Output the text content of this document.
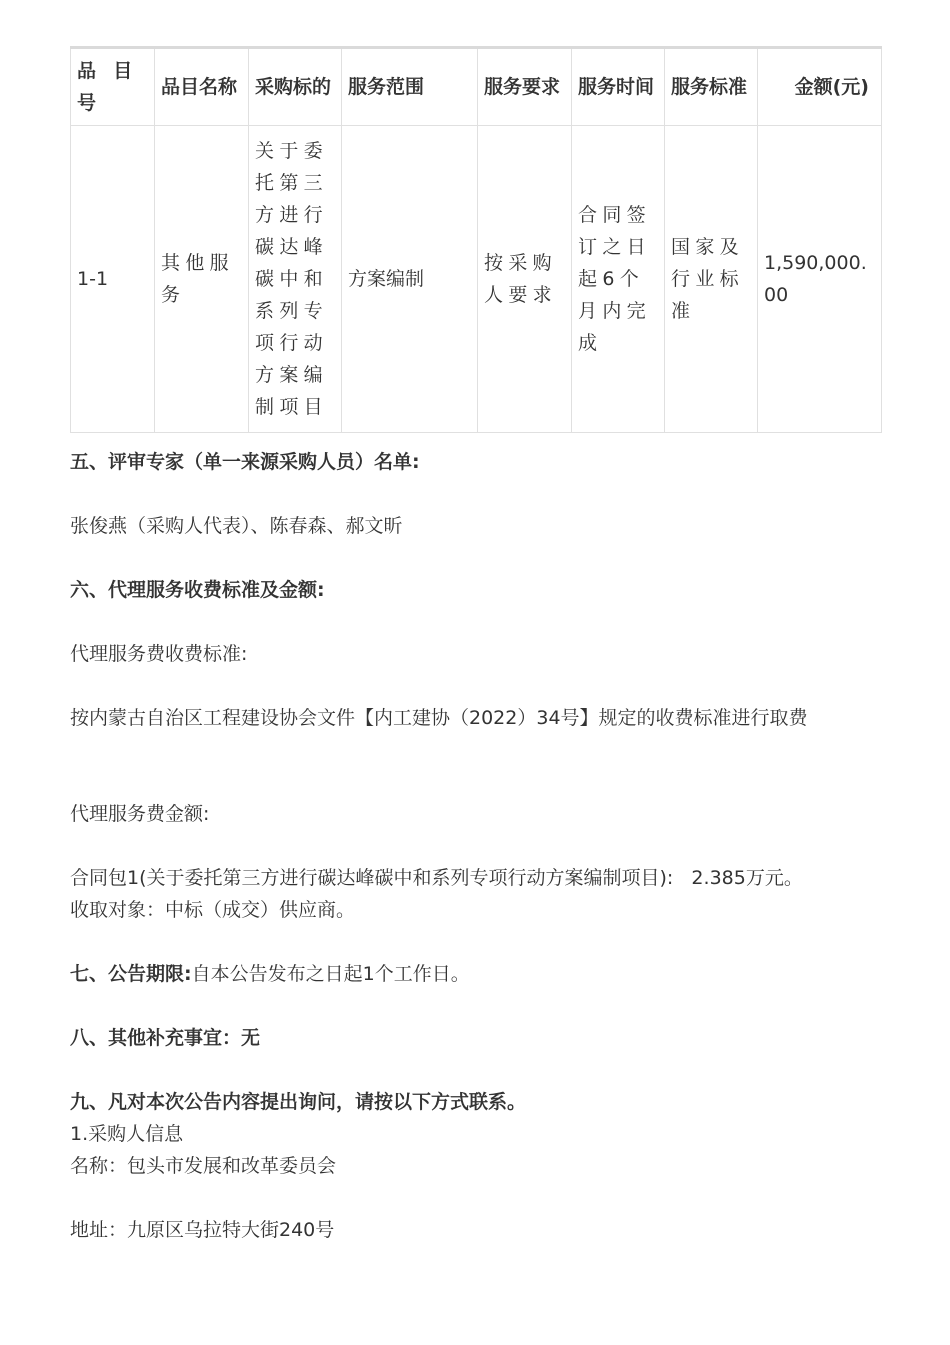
品 目号	品目名称	采购标的	服务范围	服务要求	服务时间	服务标准	金额(元)
1-1	其他服务	关于委托第三方进行碳达峰碳中和系列专项行动方案编制项目	方案编制	按采购人要求	合同签订之日起6个月内完成	国家及行业标准	1,590,000.00
五、评审专家（单一来源采购人员）名单:
张俊燕（采购人代表）、陈春森、郝文昕
六、代理服务收费标准及金额:
代理服务费收费标准:
按内蒙古自治区工程建设协会文件【内工建协（2022）34号】规定的收费标准进行取费
代理服务费金额:
合同包1(关于委托第三方进行碳达峰碳中和系列专项行动方案编制项目):   2.385万元。
收取对象：中标（成交）供应商。
七、公告期限:自本公告发布之日起1个工作日。
八、其他补充事宜：无
九、凡对本次公告内容提出询问，请按以下方式联系。
1.采购人信息
名称：包头市发展和改革委员会
地址：九原区乌拉特大街240号
